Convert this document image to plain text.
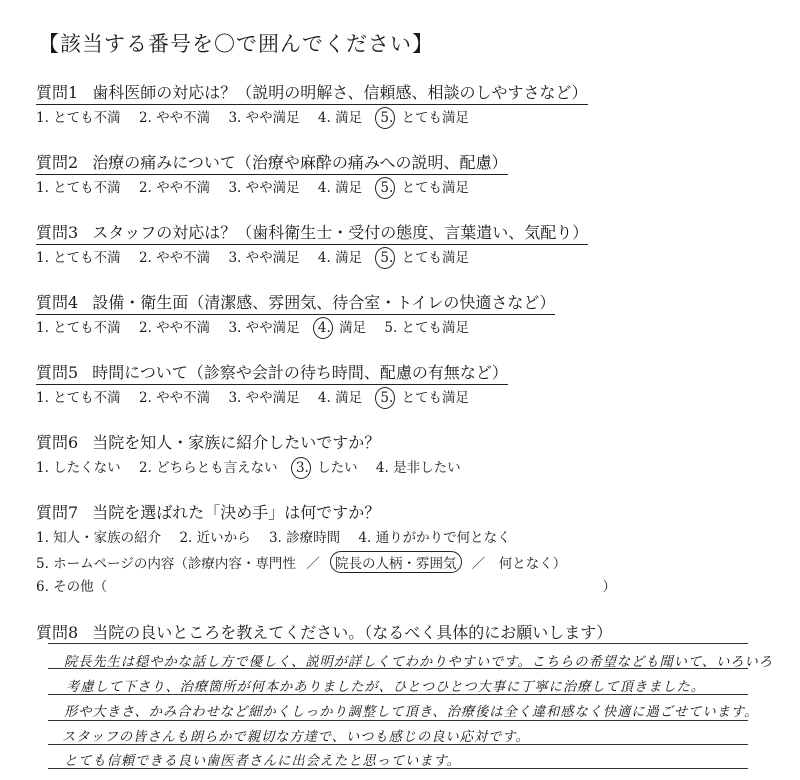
【該当する番号を〇で囲んでください】
質問1 歯科医師の対応は？（説明の明解さ、信頼感、相談のしやすさなど）
1. とても不満 2. やや不満 3. やや満足 4. 満足 5. とても満足
質問2 治療の痛みについて（治療や麻酔の痛みへの説明、配慮）
1. とても不満 2. やや不満 3. やや満足 4. 満足 5. とても満足
質問3 スタッフの対応は？（歯科衛生士・受付の態度、言葉遣い、気配り）
1. とても不満 2. やや不満 3. やや満足 4. 満足 5. とても満足
質問4 設備・衛生面（清潔感、雰囲気、待合室・トイレの快適さなど）
1. とても不満 2. やや不満 3. やや満足 4. 満足 5. とても満足
質問5 時間について（診察や会計の待ち時間、配慮の有無など）
1. とても不満 2. やや不満 3. やや満足 4. 満足 5. とても満足
質問6 当院を知人・家族に紹介したいですか？
1. したくない 2. どちらとも言えない 3. したい 4. 是非したい
質問7 当院を選ばれた「決め手」は何ですか？
1. 知人・家族の紹介 2. 近いから 3. 診療時間 4. 通りがかりで何となく
5. ホームページの内容（診療内容・専門性 ／ 院長の人柄・雰囲気 ／　何となく）
6. その他（	）
質問8 当院の良いところを教えてください。（なるべく具体的にお願いします）
院長先生は穏やかな話し方で優しく、説明が詳しくてわかりやすいです。こちらの希望なども聞いて、いろいろ
考慮して下さり、治療箇所が何本かありましたが、ひとつひとつ大事に丁寧に治療して頂きました。
形や大きさ、かみ合わせなど細かくしっかり調整して頂き、治療後は全く違和感なく快適に過ごせています。
スタッフの皆さんも朗らかで親切な方達で、いつも感じの良い応対です。
とても信頼できる良い歯医者さんに出会えたと思っています。
